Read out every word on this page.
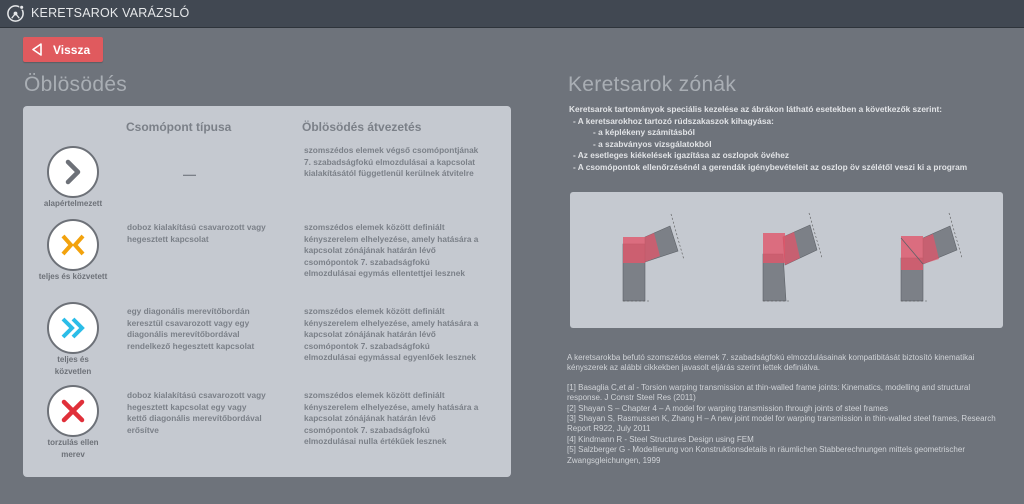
KERETSAROK VARÁZSLÓ
Vissza
Öblösödés
Csomópont típusa	Öblösödés átvezetés
alapértelmezett
—
szomszédos elemek végső csomópontjának 7. szabadságfokú elmozdulásai a kapcsolat kialakításától függetlenül kerülnek átvitelre
teljes és közvetett
doboz kialakítású csavarozott vagy hegesztett kapcsolat
szomszédos elemek között definiált kényszerelem elhelyezése, amely hatására a kapcsolat zónájának határán lévő csomópontok 7. szabadságfokú elmozdulásai egymás ellentettjei lesznek
teljes és közvetlen
egy diagonális merevítőbordán keresztül csavarozott vagy egy diagonális merevítőbordával rendelkező hegesztett kapcsolat
szomszédos elemek között definiált kényszerelem elhelyezése, amely hatására a kapcsolat zónájának határán lévő csomópontok 7. szabadságfokú elmozdulásai egymással egyenlőek lesznek
torzulás ellen merev
doboz kialakítású csavarozott vagy hegesztett kapcsolat egy vagy kettő diagonális merevítőbordával erősítve
szomszédos elemek között definiált kényszerelem elhelyezése, amely hatására a kapcsolat zónájának határán lévő csomópontok 7. szabadságfokú elmozdulásai nulla értékűek lesznek
Keretsarok zónák
Keretsarok tartományok speciális kezelése az ábrákon látható esetekben a következők szerint:
- A keretsarokhoz tartozó rúdszakaszok kihagyása:
- a képlékeny számításból
- a szabványos vizsgálatokból
- Az esetleges kiékelések igazítása az oszlopok övéhez
- A csomópontok ellenőrzésénél a gerendák igénybevételeit az oszlop öv szélétől veszi ki a program

A keretsarokba befutó szomszédos elemek 7. szabadságfokú elmozdulásainak kompatibitását biztosító kinematikai kényszerek az alábbi cikkekben javasolt eljárás szerint lettek definiálva.

[1] Basaglia C,et al - Torsion warping transmission at thin-walled frame joints: Kinematics, modelling and structural response. J Constr Steel Res (2011)

[2] Shayan S – Chapter 4 – A model for warping transmission through joints of steel frames

[3] Shayan S, Rasmussen K, Zhang H – A new joint model for warping transmission in thin-walled steel frames, Research Report R922, July 2011

[4] Kindmann R - Steel Structures Design using FEM

[5] Salzberger G - Modellierung von Konstruktionsdetails in räumlichen Stabberechnungen mittels geometrischer Zwangsgleichungen, 1999
